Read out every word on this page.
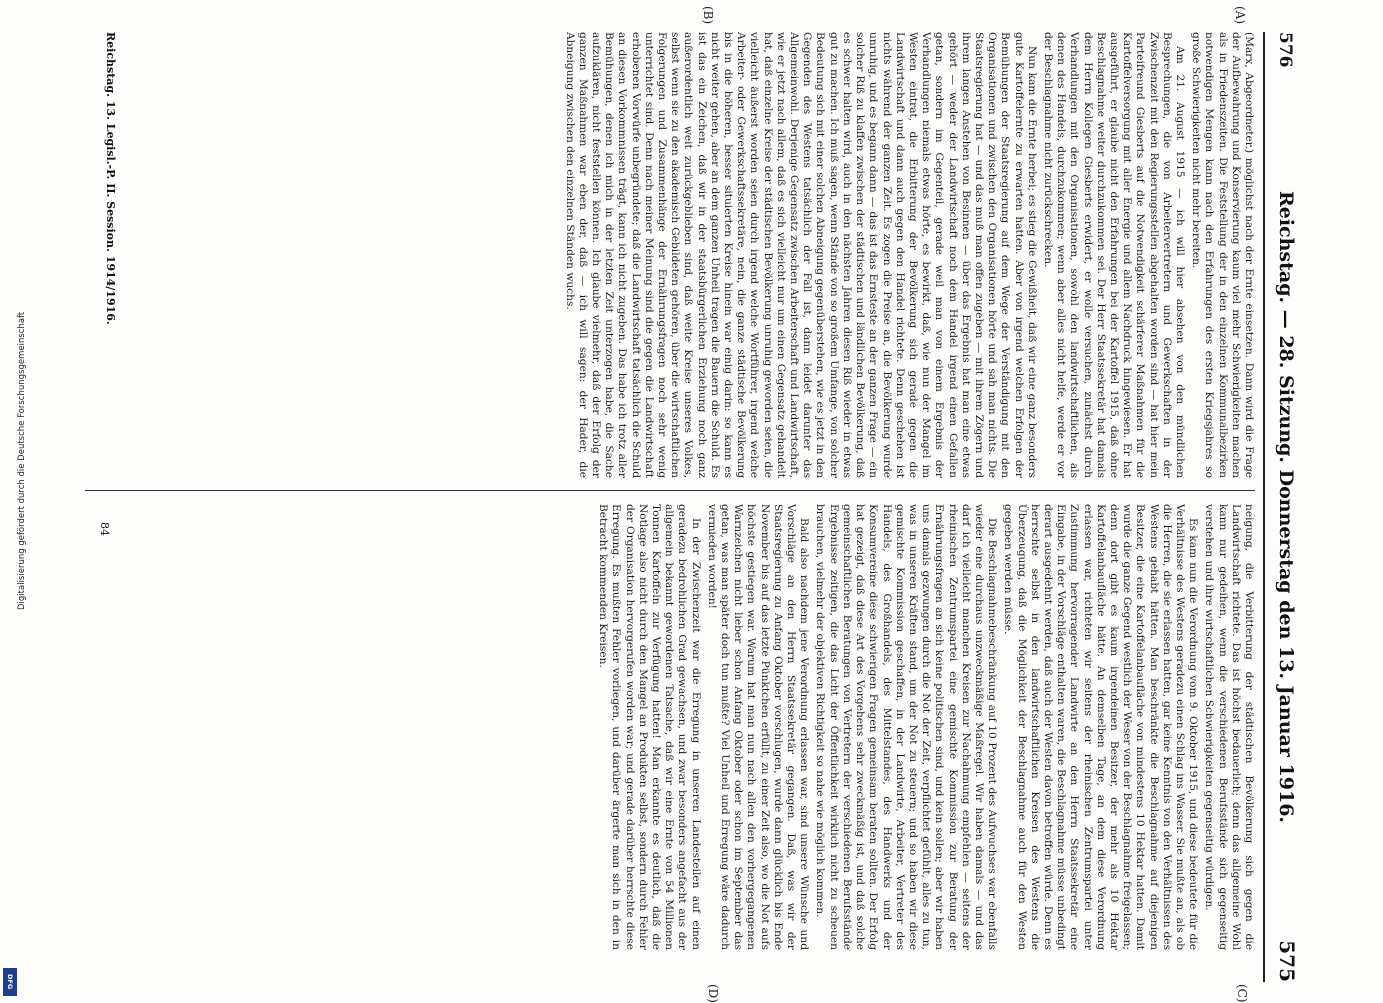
Digitalisierung gefördert durch die Deutsche Forschungsgemeinschaft
DFG
576
Reichstag. — 28. Sitzung. Donnerstag den 13. Januar 1916.
575
(A)
(B)
(C)
(D)

(Marx, Abgeordneter.) möglichst nach der Ernte einsetzen. Dann wird die Frage der Aufbewahrung und Konservierung kaum viel mehr Schwierigkeiten machen als in Friedenszeiten. Die Feststellung der in den einzelnen Kommunalbezirken notwendigen Mengen kann nach den Erfahrungen des ersten Kriegsjahres so große Schwierigkeiten nicht mehr bereiten.

Am 21. August 1915 — ich will hier absehen von den mündlichen Besprechungen, die von Arbeitervertretern und Gewerkschaften in der Zwischenzeit mit den Regierungsstellen abgehalten worden sind — hat hier mein Parteifreund Giesberts auf die Notwendigkeit schärferer Maßnahmen für die Kartoffelversorgung mit aller Energie und allem Nachdruck hingewiesen. Er hat ausgeführt, er glaube nicht den Erfahrungen bei der Kartoffel 1915, daß ohne Beschlagnahme weiter durchzukommen sei. Der Herr Staatssekretär hat damals dem Herrn Kollegen Giesberts erwidert, er wolle versuchen, zunächst durch Verhandlungen mit den Organisationen, sowohl den landwirtschaftlichen, als denen des Handels, durchzukommen; wenn aber alles nicht helfe, werde er vor der Beschlagnahme nicht zurückschrecken.

Nun kam die Ernte herbei; es stieg die Gewißheit, daß wir eine ganz besonders gute Kartoffelernte zu erwarten hatten. Aber von irgend welchen Erfolgen der Bemühungen der Staatsregierung auf dem Wege der Verständigung mit den Organisationen und zwischen den Organisationen hörte und sah man nichts. Die Staatsregierung hat — und das muß man offen zugeben — mit ihrem Zögern und ihrem langen Anstehen von Besinnen — über das Ergebnis hat man eine etwas gehört — weder der Landwirtschaft noch dem Handel irgend einen Gefallen getan, sondern im Gegenteil, gerade weil man von einem Ergebnis der Verhandlungen niemals etwas hörte, es bewirkt, daß, wie nun der Mangel im Westen eintrat, die Erbitterung der Bevölkerung sich gerade gegen die Landwirtschaft und dann auch gegen den Handel richtete. Denn geschehen ist nichts während der ganzen Zeit. Es zogen die Preise an, die Bevölkerung wurde unruhig, und es begann dann — das ist das Ernsteste an der ganzen Frage — ein solcher Riß zu klaffen zwischen der städtischen und ländlichen Bevölkerung, daß es schwer halten wird, auch in den nächsten Jahren diesen Riß wieder in etwas gut zu machen. Ich muß sagen, wenn Stände von so großem Umfange, von solcher Bedeutung sich mit einer solchen Abneigung gegenüberstehen, wie es jetzt in den Gegenden des Westens tatsächlich der Fall ist, dann leidet darunter das Allgemeinwohl. Derjenige Gegensatz zwischen Arbeiterschaft und Landwirtschaft, wie er jetzt nach allem, daß es sich vielleicht nur um einen Gegensatz gehandelt hat, daß einzelne Kreise der städtischen Bevölkerung unruhig geworden seien, die vielleicht äußerst worden seien durch irgend welche Wortführer, irgend welche Arbeiter- oder Gewerkschaftssekretäre, nein, die ganze städtische Bevölkerung bis in die höheren, besser situierten Kreise hinein war einig darin: so kann es nicht weiter gehen, aber an dem ganzen Unheil tragen die Bauern die Schuld. Es ist das ein Zeichen, daß wir in der staatsbürgerlichen Erziehung noch ganz außerordentlich weit zurückgeblieben sind, daß weite Kreise unseres Volkes, selbst wenn sie zu den akademisch Gebildeten gehören, über die wirtschaftlichen Folgerungen und Zusammenhänge der Ernährungsfragen noch sehr wenig unterrichtet sind. Denn nach meiner Meinung sind die gegen die Landwirtschaft erhobenen Vorwürfe unbegründete; daß die Landwirtschaft tatsächlich die Schuld an diesen Vorkommnissen trägt, kann ich nicht zugeben. Das habe ich trotz aller Bemühungen, denen ich mich in der letzten Zeit unterzogen habe, die Sache aufzuklären, nicht feststellen können. Ich glaube vielmehr, daß der Erfolg der ganzen Maßnahmen war eben der, daß — ich will sagen: der Hader, die Abneigung zwischen den einzelnen Ständen wuchs.

neigung, die Verbitterung der städtischen Bevölkerung sich gegen die Landwirtschaft richtete. Das ist höchst bedauerlich; denn das allgemeine Wohl kann nur gedeihen, wenn die verschiedenen Berufsstände sich gegenseitig verstehen und ihre wirtschaftlichen Schwierigkeiten gegenseitig würdigen.

Es kam nun die Verordnung vom 9. Oktober 1915, und diese bedeutete für die Verhältnisse des Westens geradezu einen Schlag ins Wasser. Sie mußte an, als ob die Herren, die sie erlassen hatten, gar keine Kenntnis von den Verhältnissen des Westens gehabt hätten. Man beschränkte die Beschlagnahme auf diejenigen Besitzer, die eine Kartoffelanbaufläche von mindestens 10 Hektar hatten. Damit wurde die ganze Gegend westlich der Weser von der Beschlagnahme freigelassen; denn dort gibt es kaum irgendeinen Besitzer, der mehr als 10 Hektar Kartoffelanbaufläche hätte. An demselben Tage, an dem diese Verordnung erlassen war, richteten wir seitens der rheinischen Zentrumspartei unter Zustimmung hervorragender Landwirte an den Herrn Staatssekretär eine Eingabe, in der Vorschläge enthalten waren, die Beschlagnahme müsse unbedingt derart ausgedehnt werden, daß auch der Westen davon betroffen würde. Denn es herrschte selbst in den landwirtschaftlichen Kreisen des Westens die Überzeugung, daß die Möglichkeit der Beschlagnahme auch für den Westen gegeben werden müsse.

Die Beschlagnahmebeschränkung auf 10 Prozent des Aufwuchses war ebenfalls wieder eine durchaus unzweckmäßige Maßregel. Wir haben damals — und das darf ich vielleicht manchen Kreisen zur Nachahmung empfehlen — seitens der rheinischen Zentrumspartei eine gemischte Kommission zur Beratung der Ernährungsfragen an sich keine politischen sind, und kein sollen; aber wir haben uns damals gezwungen durch die Not der Zeit, verpflichtet gefühlt, alles zu tun, was in unseren Kräften stand, um der Not zu steuern; und so haben wir diese gemischte Kommission geschaffen, in der Landwirte, Arbeiter, Vertreter des Handels, des Großhandels, des Mittelstandes, des Handwerks und der Konsumvereine diese schwierigen Fragen gemeinsam beraten sollten. Der Erfolg hat gezeigt, daß diese Art des Vorgehens sehr zweckmäßig ist, und daß solche gemeinschaftlichen Beratungen von Vertretern der verschiedenen Berufsstände Ergebnisse zeitigen, die das Licht der Öffentlichkeit wirklich nicht zu scheuen brauchen, vielmehr der objektiven Richtigkeit so nahe wie möglich kommen.

Bald also nachdem jene Verordnung erlassen war, sind unsere Wünsche und Vorschläge an den Herrn Staatssekretär gegangen. Daß, was wir der Staatsregierung zu Anfang Oktober vorschlugen, wurde dann glücklich bis Ende November bis auf das letzte Pünktchen erfüllt, zu einer Zeit also, wo die Not aufs höchste gestiegen war. Warum hat man nun nach allen den vorhergegangenen Warnzeichen nicht lieber schon Anfang Oktober oder schon im September das getan, was man später doch tun mußte? Viel Unheil und Erregung wäre dadurch vermieden worden!

In der Zwischenzeit war die Erregung in unseren Landesteilen auf einen geradezu bedrohlichen Grad gewachsen, und zwar besonders angefacht aus der allgemein bekannt gewordenen Tatsache, daß wir eine Ernte von 54 Millionen Tonnen Kartoffeln zur Verfügung hatten! Man erkannte es deutlich, daß die Notlage also nicht durch den Mangel an Produkten selbst, sondern durch Fehler der Organisation hervorgerufen worden war; und gerade darüber herrschte diese Erregung. Es mußten Fehler vorliegen, und darüber ärgerte man sich in den in Betracht kommenden Kreisen.

Reichstag. 13. Legisl.-P. II. Session. 1914/1916.
84
